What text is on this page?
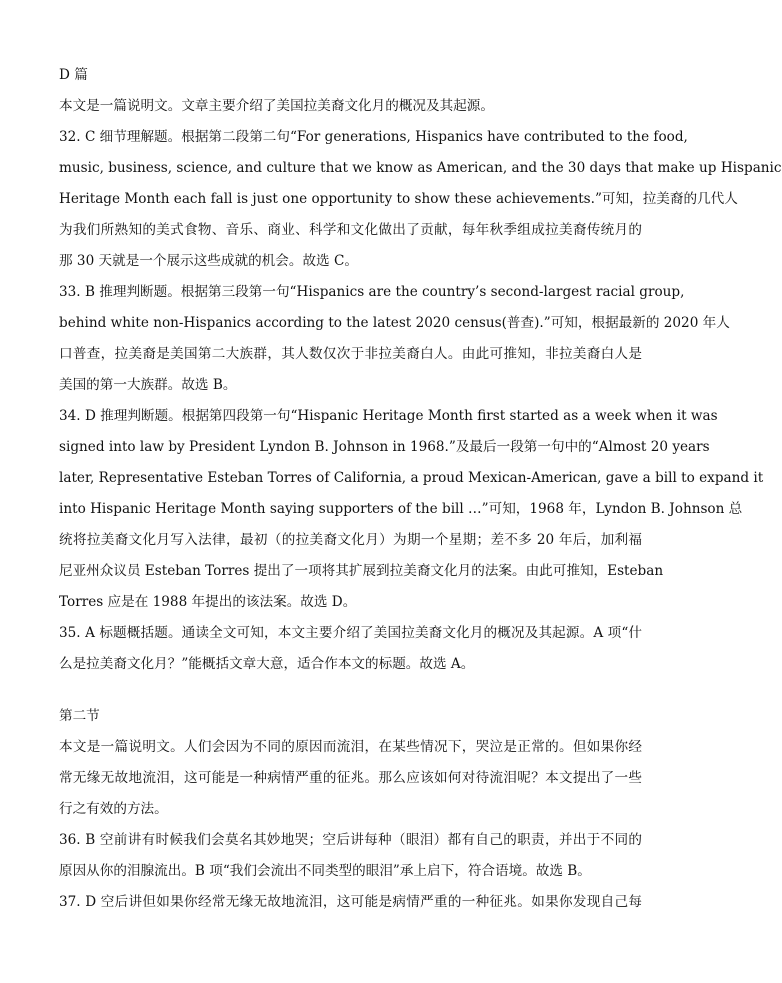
D 篇
本文是一篇说明文。文章主要介绍了美国拉美裔文化月的概况及其起源。
32. C 细节理解题。根据第二段第二句“For generations, Hispanics have contributed to the food,
music, business, science, and culture that we know as American, and the 30 days that make up Hispanic
Heritage Month each fall is just one opportunity to show these achievements.”可知，拉美裔的几代人
为我们所熟知的美式食物、音乐、商业、科学和文化做出了贡献，每年秋季组成拉美裔传统月的
那 30 天就是一个展示这些成就的机会。故选 C。
33. B 推理判断题。根据第三段第一句“Hispanics are the country’s second-largest racial group,
behind white non-Hispanics according to the latest 2020 census(普查).”可知，根据最新的 2020 年人
口普查，拉美裔是美国第二大族群，其人数仅次于非拉美裔白人。由此可推知，非拉美裔白人是
美国的第一大族群。故选 B。
34. D 推理判断题。根据第四段第一句“Hispanic Heritage Month first started as a week when it was
signed into law by President Lyndon B. Johnson in 1968.”及最后一段第一句中的“Almost 20 years
later, Representative Esteban Torres of California, a proud Mexican-American, gave a bill to expand it
into Hispanic Heritage Month saying supporters of the bill …”可知，1968 年，Lyndon B. Johnson 总
统将拉美裔文化月写入法律，最初（的拉美裔文化月）为期一个星期；差不多 20 年后，加利福
尼亚州众议员 Esteban Torres 提出了一项将其扩展到拉美裔文化月的法案。由此可推知，Esteban
Torres 应是在 1988 年提出的该法案。故选 D。
35. A 标题概括题。通读全文可知，本文主要介绍了美国拉美裔文化月的概况及其起源。A 项“什
么是拉美裔文化月？”能概括文章大意，适合作本文的标题。故选 A。
第二节
本文是一篇说明文。人们会因为不同的原因而流泪，在某些情况下，哭泣是正常的。但如果你经
常无缘无故地流泪，这可能是一种病情严重的征兆。那么应该如何对待流泪呢？本文提出了一些
行之有效的方法。
36. B 空前讲有时候我们会莫名其妙地哭；空后讲每种（眼泪）都有自己的职责，并出于不同的
原因从你的泪腺流出。B 项“我们会流出不同类型的眼泪”承上启下，符合语境。故选 B。
37. D 空后讲但如果你经常无缘无故地流泪，这可能是病情严重的一种征兆。如果你发现自己每
